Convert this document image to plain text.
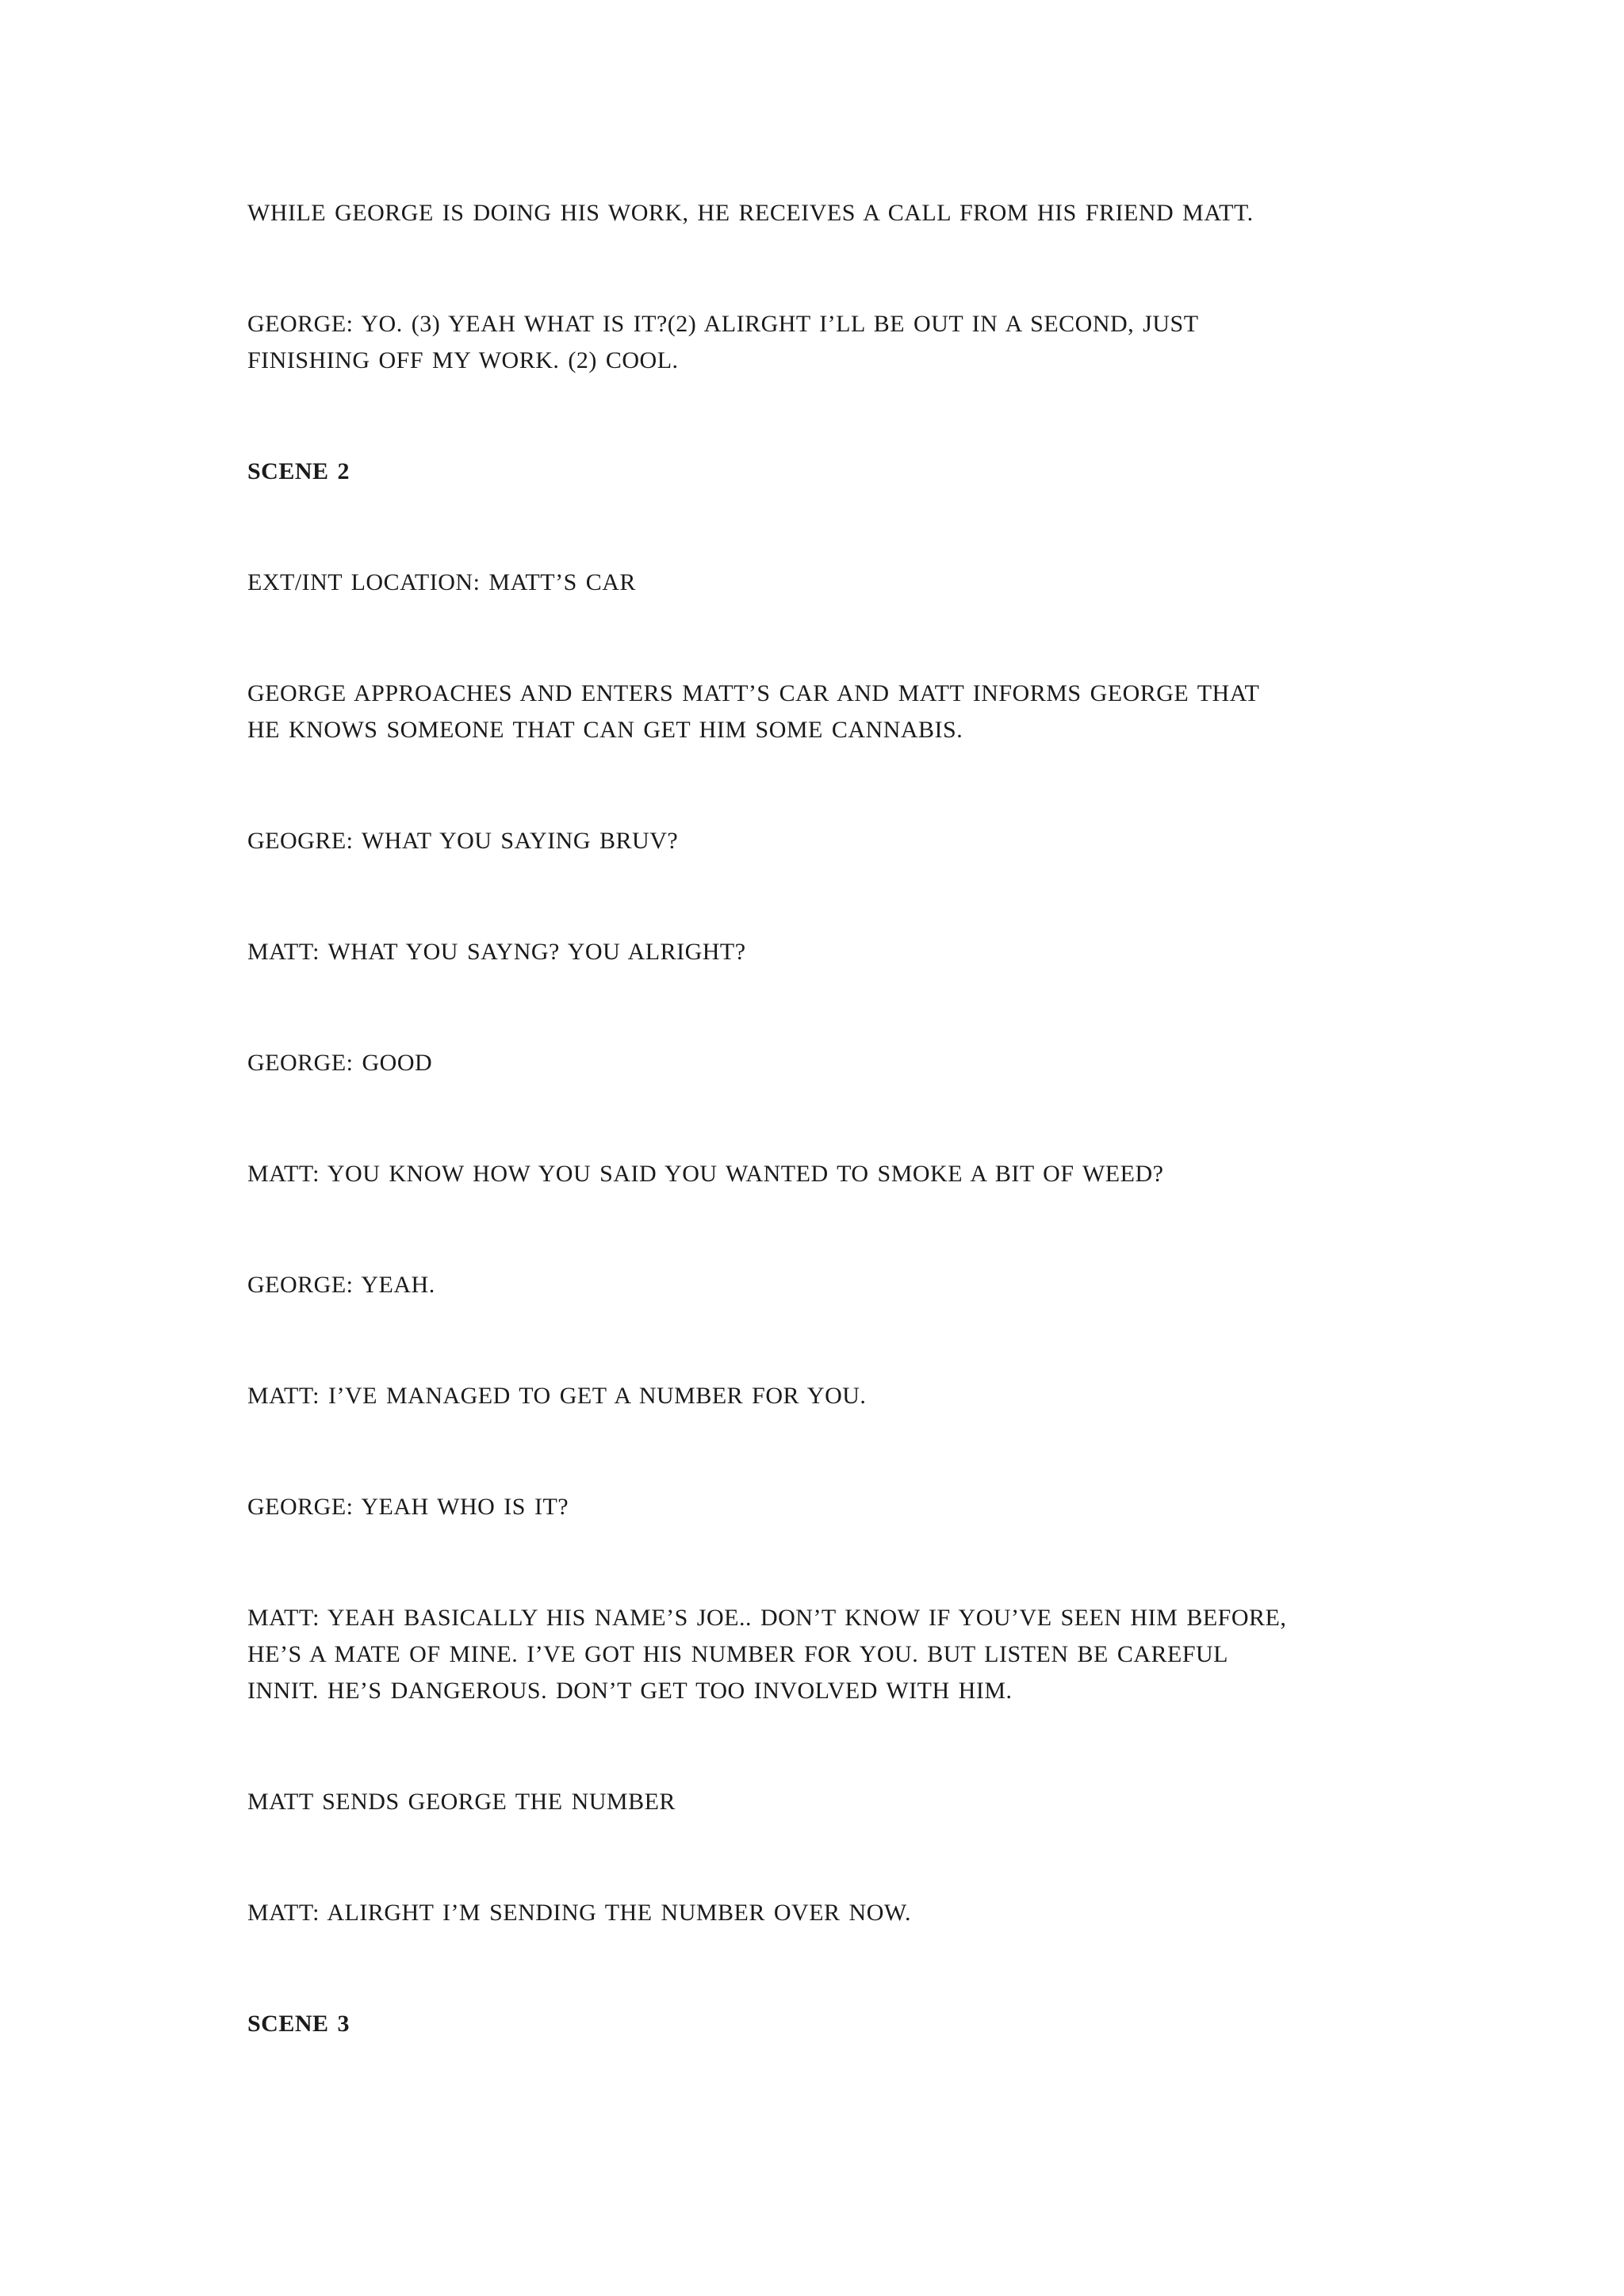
WHILE GEORGE IS DOING HIS WORK, HE RECEIVES A CALL FROM HIS FRIEND MATT.
GEORGE: YO. (3) YEAH WHAT IS IT?(2) ALIRGHT I’LL BE OUT IN A SECOND, JUST
FINISHING OFF MY WORK. (2) COOL.
SCENE 2
EXT/INT LOCATION: MATT’S CAR
GEORGE APPROACHES AND ENTERS MATT’S CAR AND MATT INFORMS GEORGE THAT
HE KNOWS SOMEONE THAT CAN GET HIM SOME CANNABIS.
GEOGRE: WHAT YOU SAYING BRUV?
MATT: WHAT YOU SAYNG? YOU ALRIGHT?
GEORGE: GOOD
MATT: YOU KNOW HOW YOU SAID YOU WANTED TO SMOKE A BIT OF WEED?
GEORGE: YEAH.
MATT: I’VE MANAGED TO GET A NUMBER FOR YOU.
GEORGE: YEAH WHO IS IT?
MATT: YEAH BASICALLY HIS NAME’S JOE.. DON’T KNOW IF YOU’VE SEEN HIM BEFORE,
HE’S A MATE OF MINE. I’VE GOT HIS NUMBER FOR YOU. BUT LISTEN BE CAREFUL
INNIT. HE’S DANGEROUS. DON’T GET TOO INVOLVED WITH HIM.
MATT SENDS GEORGE THE NUMBER
MATT: ALIRGHT I’M SENDING THE NUMBER OVER NOW.
SCENE 3
